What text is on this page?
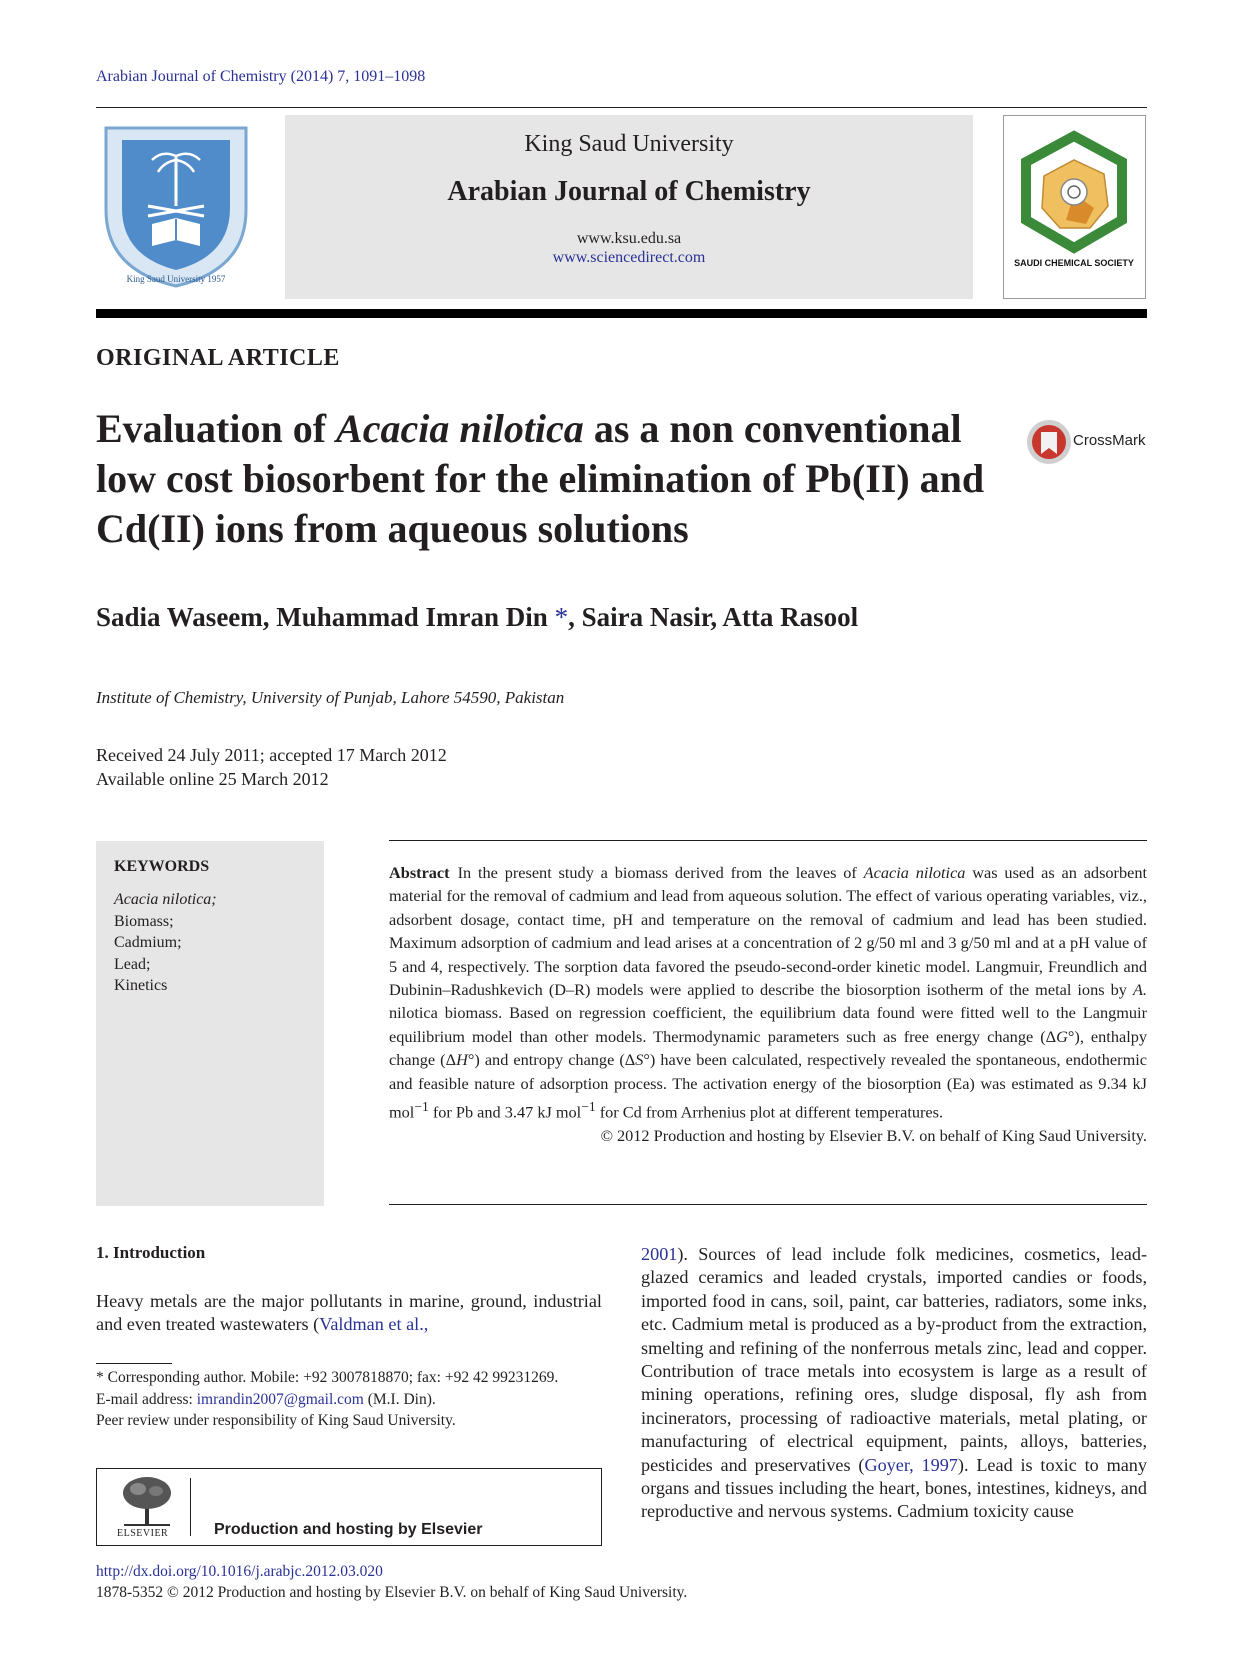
Arabian Journal of Chemistry (2014) 7, 1091–1098
King Saud University 1957
King Saud University
Arabian Journal of Chemistry
www.ksu.edu.sa
www.sciencedirect.com	SAUDI CHEMICAL SOCIETY
ORIGINAL ARTICLE
Evaluation of Acacia nilotica as a non conventional low cost biosorbent for the elimination of Pb(II) and Cd(II) ions from aqueous solutions
CrossMark
Sadia Waseem, Muhammad Imran Din *, Saira Nasir, Atta Rasool
Institute of Chemistry, University of Punjab, Lahore 54590, Pakistan
Received 24 July 2011; accepted 17 March 2012
Available online 25 March 2012
KEYWORDS
Acacia nilotica;
Biomass;
Cadmium;
Lead;
Kinetics
Abstract In the present study a biomass derived from the leaves of Acacia nilotica was used as an adsorbent material for the removal of cadmium and lead from aqueous solution. The effect of various operating variables, viz., adsorbent dosage, contact time, pH and temperature on the removal of cadmium and lead has been studied. Maximum adsorption of cadmium and lead arises at a concentration of 2 g/50 ml and 3 g/50 ml and at a pH value of 5 and 4, respectively. The sorption data favored the pseudo-second-order kinetic model. Langmuir, Freundlich and Dubinin–Radushkevich (D–R) models were applied to describe the biosorption isotherm of the metal ions by A. nilotica biomass. Based on regression coefficient, the equilibrium data found were fitted well to the Langmuir equilibrium model than other models. Thermodynamic parameters such as free energy change (ΔG°), enthalpy change (ΔH°) and entropy change (ΔS°) have been calculated, respectively revealed the spontaneous, endothermic and feasible nature of adsorption process. The activation energy of the biosorption (Ea) was estimated as 9.34 kJ mol$^{-1}$ for Pb and 3.47 kJ mol$^{-1}$ for Cd from Arrhenius plot at different temperatures.
© 2012 Production and hosting by Elsevier B.V. on behalf of King Saud University.
1. Introduction
Heavy metals are the major pollutants in marine, ground, industrial and even treated wastewaters (Valdman et al.,

* Corresponding author. Mobile: +92 3007818870; fax: +92 42 99231269.

E-mail address: imrandin2007@gmail.com (M.I. Din).

Peer review under responsibility of King Saud University.

ELSEVIER	Production and hosting by Elsevier

2001). Sources of lead include folk medicines, cosmetics, lead-glazed ceramics and leaded crystals, imported candies or foods, imported food in cans, soil, paint, car batteries, radiators, some inks, etc. Cadmium metal is produced as a by-product from the extraction, smelting and refining of the nonferrous metals zinc, lead and copper. Contribution of trace metals into ecosystem is large as a result of mining operations, refining ores, sludge disposal, fly ash from incinerators, processing of radioactive materials, metal plating, or manufacturing of electrical equipment, paints, alloys, batteries, pesticides and preservatives (Goyer, 1997). Lead is toxic to many organs and tissues including the heart, bones, intestines, kidneys, and reproductive and nervous systems. Cadmium toxicity cause

http://dx.doi.org/10.1016/j.arabjc.2012.03.020
1878-5352 © 2012 Production and hosting by Elsevier B.V. on behalf of King Saud University.
